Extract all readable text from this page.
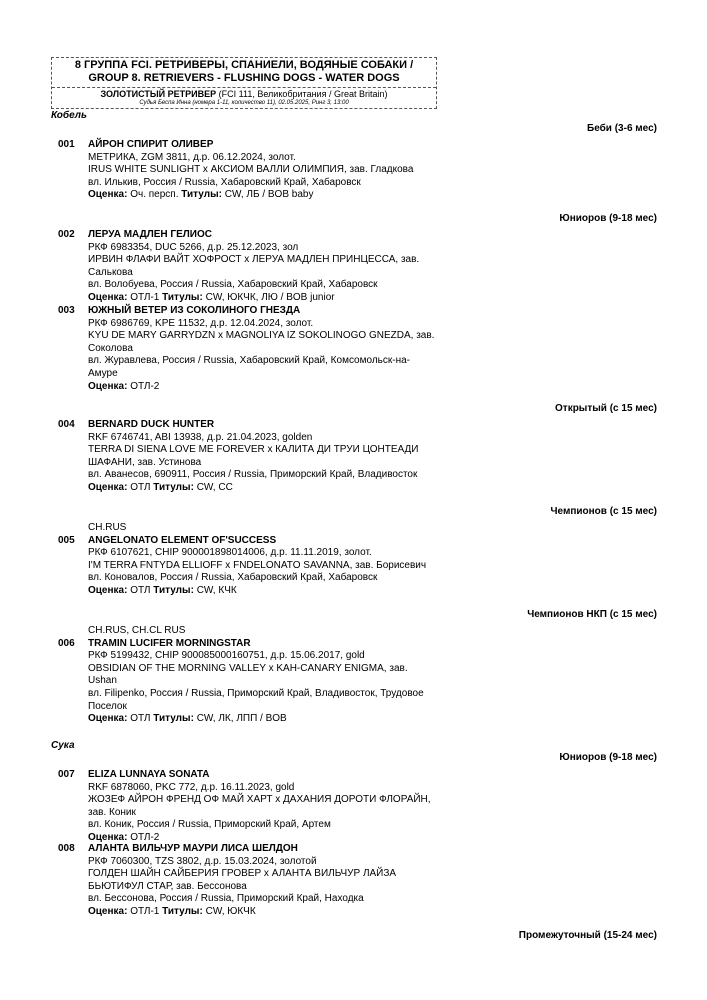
8 ГРУППА FCI. РЕТРИВЕРЫ, СПАНИЕЛИ, ВОДЯНЫЕ СОБАКИ /
GROUP 8. RETRIEVERS - FLUSHING DOGS - WATER DOGS
ЗОЛОТИСТЫЙ РЕТРИВЕР (FCI 111, Великобритания / Great Britain)
Судья Беспа Инна (номера 1-11, количество 11), 02.05.2025, Ринг 3, 13:00
Кобель
Сука
Беби (3-6 мес)
Юниоров (9-18 мес)
Открытый (с 15 мес)
Чемпионов (с 15 мес)
Чемпионов НКП (с 15 мес)
Юниоров (9-18 мес)
Промежуточный (15-24 мес)
001 АЙРОН СПИРИТ ОЛИВЕР
МЕТРИКА, ZGM 3811, д.р. 06.12.2024, золот.
IRUS WHITE SUNLIGHT х АКСИОМ ВАЛЛИ ОЛИМПИЯ, зав. Гладкова
вл. Илькив, Россия / Russia, Хабаровский Край, Хабаровск
Оценка: Оч. персп. Титулы: CW, ЛБ / BOB baby
002 ЛЕРУА МАДЛЕН ГЕЛИОС
РКФ 6983354, DUC 5266, д.р. 25.12.2023, зол
ИРВИН ФЛАФИ ВАЙТ ХОФРОСТ х ЛЕРУА МАДЛЕН ПРИНЦЕССА, зав.
Салькова
вл. Волобуева, Россия / Russia, Хабаровский Край, Хабаровск
Оценка: ОТЛ-1 Титулы: CW, ЮКЧК, ЛЮ / BOB junior
003 ЮЖНЫЙ ВЕТЕР ИЗ СОКОЛИНОГО ГНЕЗДА
РКФ 6986769, KPE 11532, д.р. 12.04.2024, золот.
KYU DE MARY GARRYDZN х MAGNOLIYA IZ SOKOLINOGO GNEZDA, зав.
Соколова
вл. Журавлева, Россия / Russia, Хабаровский Край, Комсомольск-на-
Амуре
Оценка: ОТЛ-2
004 BERNARD DUCK HUNTER
RKF 6746741, ABI 13938, д.р. 21.04.2023, golden
TERRA DI SIENA LOVE ME FOREVER х КАЛИТА ДИ ТРУИ ЦОНТЕАДИ
ШАФАНИ, зав. Устинова
вл. Аванесов, 690911, Россия / Russia, Приморский Край, Владивосток
Оценка: ОТЛ Титулы: CW, CC
CH.RUS
005 ANGELONATO ELEMENT OF'SUCCESS
РКФ 6107621, CHIP 900001898014006, д.р. 11.11.2019, золот.
I'M TERRA FNTYDA ELLIOFF х FNDELONATO SAVANNA, зав. Борисевич
вл. Коновалов, Россия / Russia, Хабаровский Край, Хабаровск
Оценка: ОТЛ Титулы: CW, КЧК
CH.RUS, CH.CL RUS
006 TRAMIN LUCIFER MORNINGSTAR
РКФ 5199432, CHIP 900085000160751, д.р. 15.06.2017, gold
OBSIDIAN OF THE MORNING VALLEY х KAH-CANARY ENIGMA, зав.
Ushan
вл. Filipenko, Россия / Russia, Приморский Край, Владивосток, Трудовое
Поселок
Оценка: ОТЛ Титулы: CW, ЛК, ЛПП / BOB
007 ELIZA LUNNAYA SONATA
RKF 6878060, PKC 772, д.р. 16.11.2023, gold
ЖОЗЕФ АЙРОН ФРЕНД ОФ МАЙ ХАРТ х ДАХАНИЯ ДОРОТИ ФЛОРАЙН,
зав. Коник
вл. Коник, Россия / Russia, Приморский Край, Артем
Оценка: ОТЛ-2
008 АЛАНТА ВИЛЬЧУР МАУРИ ЛИСА ШЕЛДОН
РКФ 7060300, TZS 3802, д.р. 15.03.2024, золотой
ГОЛДЕН ШАЙН САЙБЕРИЯ ГРОВЕР х АЛАНТА ВИЛЬЧУР ЛАЙЗА
БЬЮТИФУЛ СТАР, зав. Бессонова
вл. Бессонова, Россия / Russia, Приморский Край, Находка
Оценка: ОТЛ-1 Титулы: CW, ЮКЧК
